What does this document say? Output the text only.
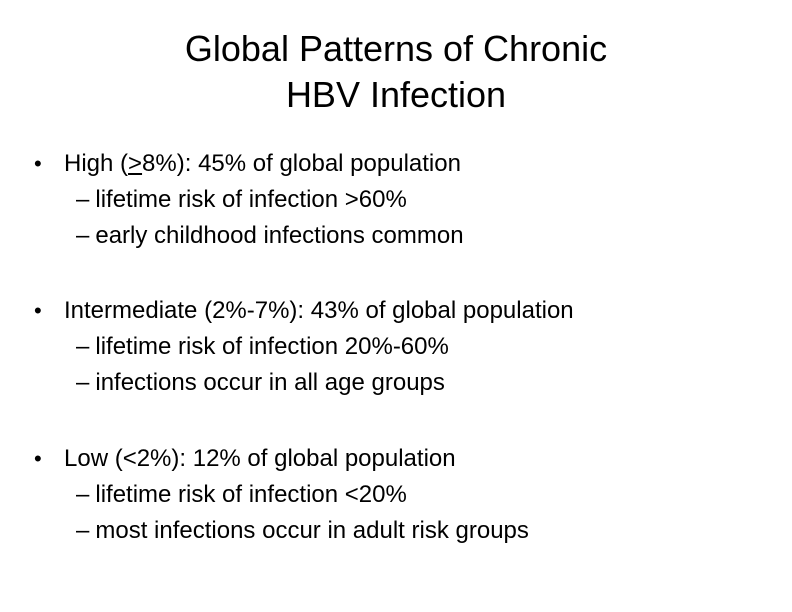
Global Patterns of Chronic
HBV Infection
• High (>8%): 45% of global population
– lifetime risk of infection >60%
– early childhood infections common
• Intermediate (2%-7%): 43% of global population
– lifetime risk of infection 20%-60%
– infections occur in all age groups
• Low (<2%): 12% of global population
– lifetime risk of infection <20%
– most infections occur in adult risk groups
